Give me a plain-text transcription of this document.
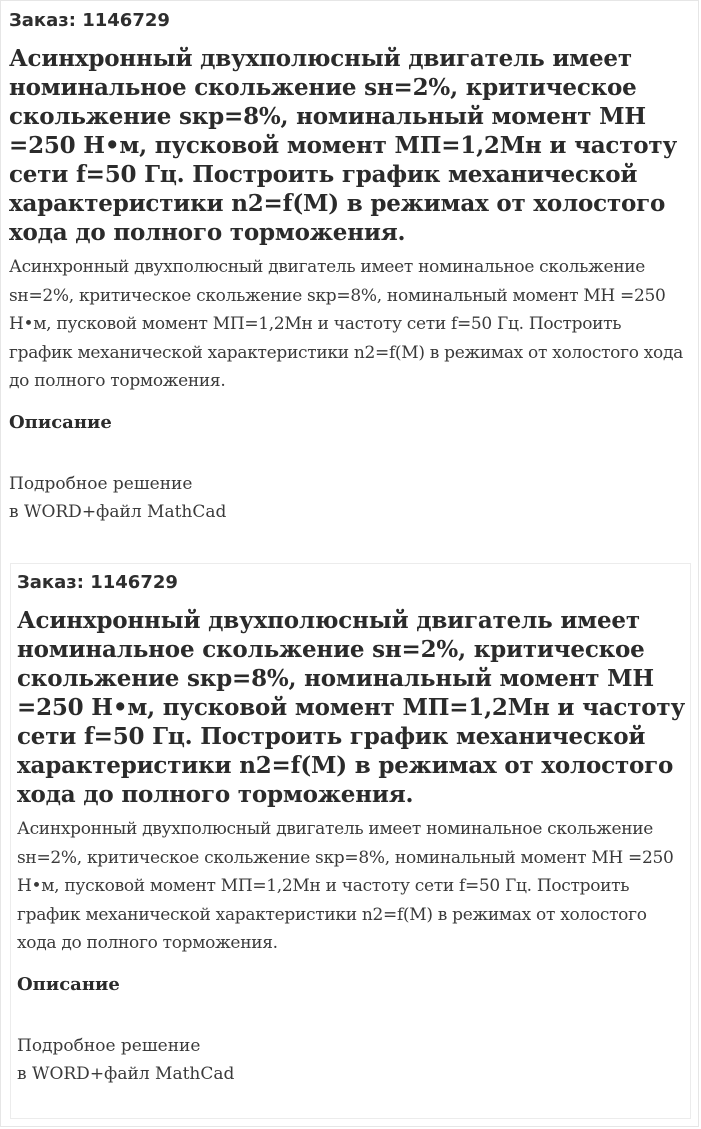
Заказ: 1146729

Асинхронный двухполюсный двигатель имеет номинальное скольжение sн=2%, критическое скольжение sкр=8%, номинальный момент МН =250 Н•м, пусковой момент МП=1,2Мн и частоту сети f=50 Гц. Построить график механической характеристики n2=f(M) в режимах от холостого хода до полного торможения.

Асинхронный двухполюсный двигатель имеет номинальное скольжение sн=2%, критическое скольжение sкр=8%, номинальный момент МН =250 Н•м, пусковой момент МП=1,2Мн и частоту сети f=50 Гц. Построить график механической характеристики n2=f(M) в режимах от холостого хода до полного торможения.

Описание

Подробное решение
в WORD+файл MathCad

Заказ: 1146729

Асинхронный двухполюсный двигатель имеет номинальное скольжение sн=2%, критическое скольжение sкр=8%, номинальный момент МН =250 Н•м, пусковой момент МП=1,2Мн и частоту сети f=50 Гц. Построить график механической характеристики n2=f(M) в режимах от холостого хода до полного торможения.

Асинхронный двухполюсный двигатель имеет номинальное скольжение sн=2%, критическое скольжение sкр=8%, номинальный момент МН =250 Н•м, пусковой момент МП=1,2Мн и частоту сети f=50 Гц. Построить график механической характеристики n2=f(M) в режимах от холостого хода до полного торможения.

Описание

Подробное решение
в WORD+файл MathCad
